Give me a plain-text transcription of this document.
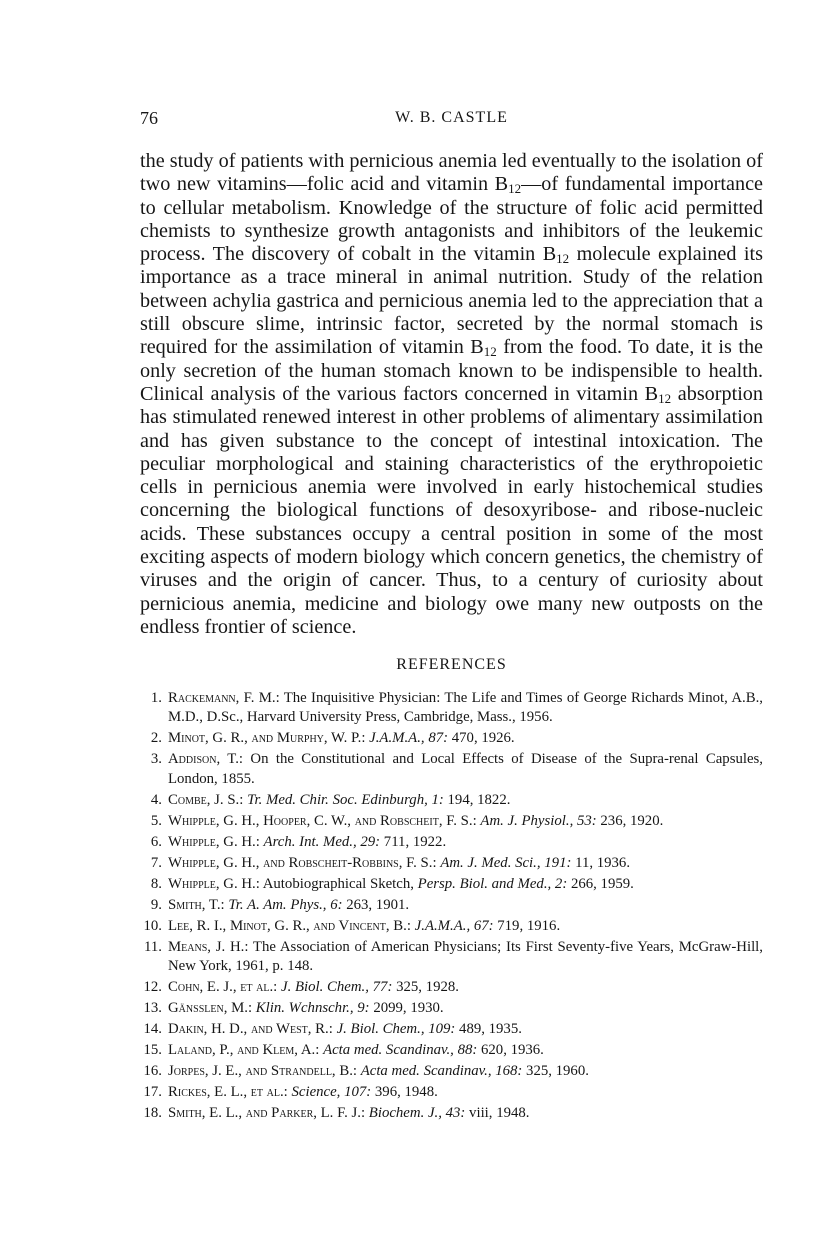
76	W. B. CASTLE

the study of patients with pernicious anemia led eventually to the isolation of two new vitamins—folic acid and vitamin $B_{12}—of$ fundamental importance to cellular metabolism. Knowledge of the structure of folic acid permitted chemists to synthesize growth antagonists and inhibitors of the leukemic process. The discovery of cobalt in the vitamin $B_{12}$ molecule explained its importance as a trace mineral in animal nutrition. Study of the relation between achylia gastrica and pernicious anemia led to the appreciation that a still obscure slime, intrinsic factor, secreted by the normal stomach is required for the assimilation of vitamin $B_{12}$ from the food. To date, it is the only secretion of the human stomach known to be indispensible to health. Clinical analysis of the various factors concerned in vitamin $B_{12}$ absorption has stimulated renewed interest in other problems of alimentary assimilation and has given substance to the concept of intestinal intoxication. The peculiar morphological and staining characteristics of the erythropoietic cells in pernicious anemia were involved in early histochemical studies concerning the biological functions of desoxyribose- and ribose-nucleic acids. These substances occupy a central position in some of the most exciting aspects of modern biology which concern genetics, the chemistry of viruses and the origin of cancer. Thus, to a century of curiosity about pernicious anemia, medicine and biology owe many new outposts on the endless frontier of science.

REFERENCES
1. Rackemann, F. M.: The Inquisitive Physician: The Life and Times of George Richards Minot, A.B., M.D., D.Sc., Harvard University Press, Cambridge, Mass., 1956.
2. Minot, G. R., and Murphy, W. P.: J.A.M.A., 87: 470, 1926.
3. Addison, T.: On the Constitutional and Local Effects of Disease of the Supra-renal Capsules, London, 1855.
4. Combe, J. S.: Tr. Med. Chir. Soc. Edinburgh, 1: 194, 1822.
5. Whipple, G. H., Hooper, C. W., and Robscheit, F. S.: Am. J. Physiol., 53: 236, 1920.
6. Whipple, G. H.: Arch. Int. Med., 29: 711, 1922.
7. Whipple, G. H., and Robscheit-Robbins, F. S.: Am. J. Med. Sci., 191: 11, 1936.
8. Whipple, G. H.: Autobiographical Sketch, Persp. Biol. and Med., 2: 266, 1959.
9. Smith, T.: Tr. A. Am. Phys., 6: 263, 1901.
10. Lee, R. I., Minot, G. R., and Vincent, B.: J.A.M.A., 67: 719, 1916.
11. Means, J. H.: The Association of American Physicians; Its First Seventy-five Years, McGraw-Hill, New York, 1961, p. 148.
12. Cohn, E. J., et al.: J. Biol. Chem., 77: 325, 1928.
13. Gänsslen, M.: Klin. Wchnschr., 9: 2099, 1930.
14. Dakin, H. D., and West, R.: J. Biol. Chem., 109: 489, 1935.
15. Laland, P., and Klem, A.: Acta med. Scandinav., 88: 620, 1936.
16. Jorpes, J. E., and Strandell, B.: Acta med. Scandinav., 168: 325, 1960.
17. Rickes, E. L., et al.: Science, 107: 396, 1948.
18. Smith, E. L., and Parker, L. F. J.: Biochem. J., 43: viii, 1948.
